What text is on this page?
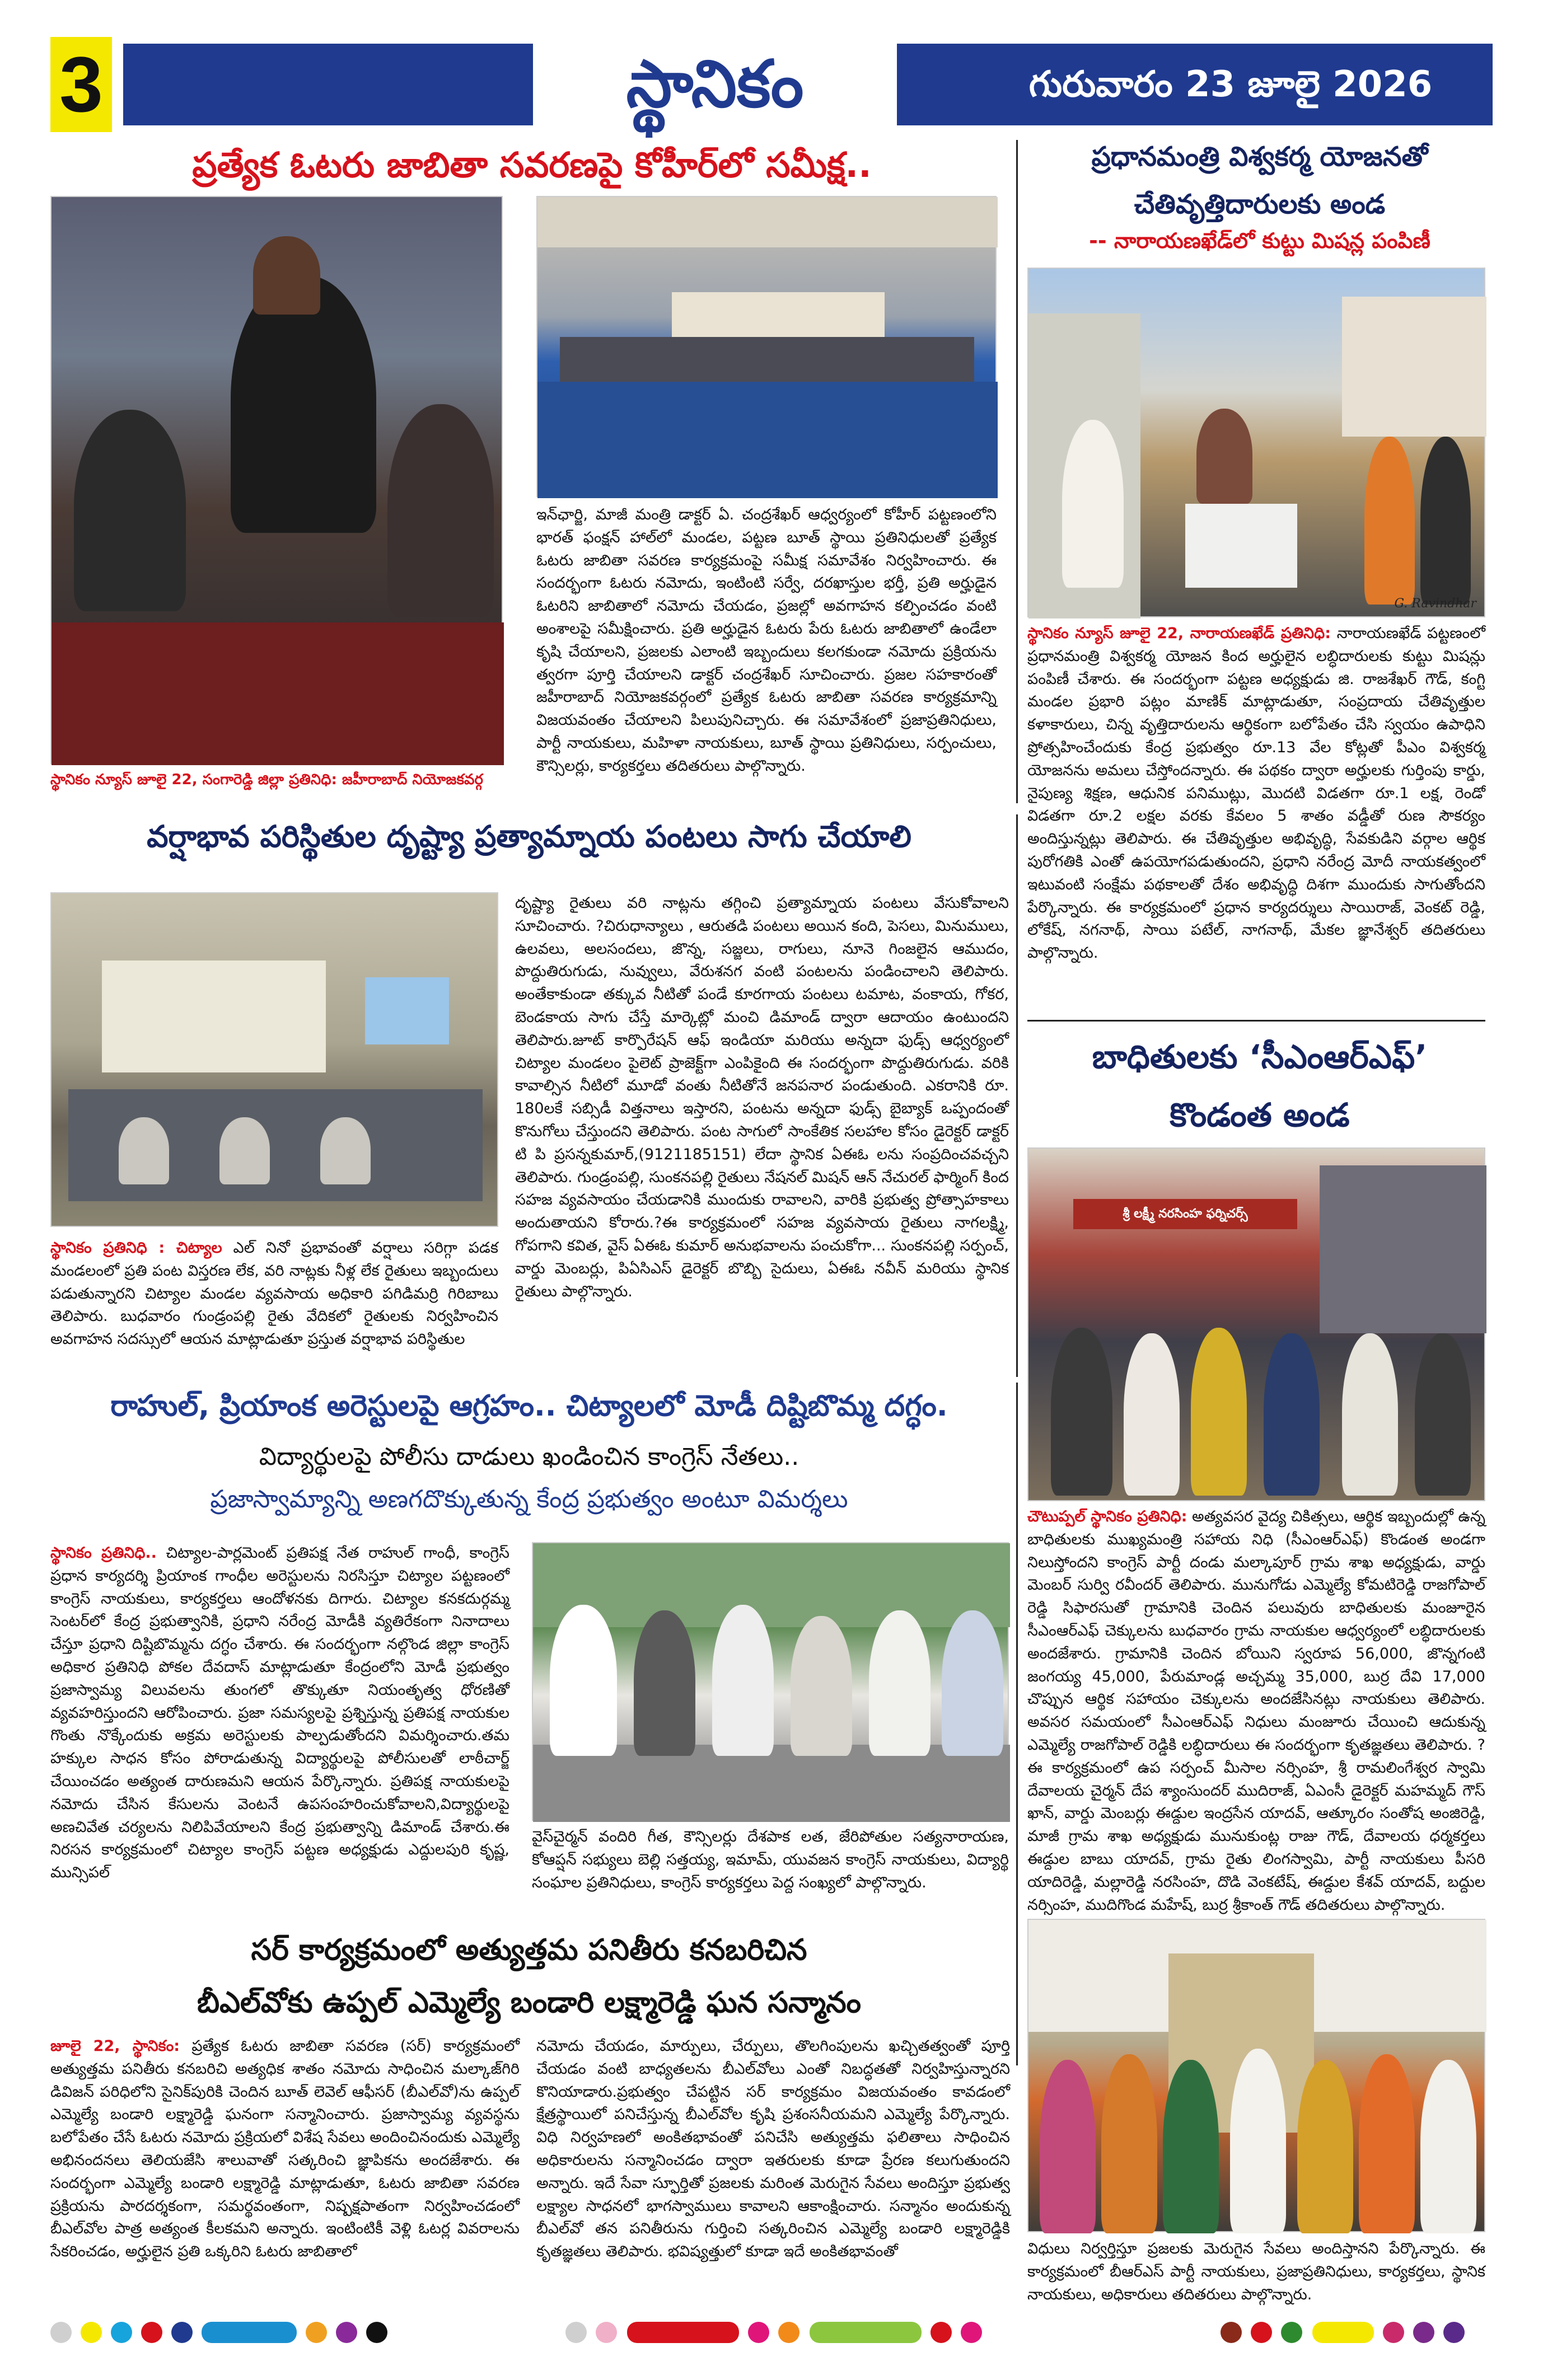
3	స్థానికం	గురువారం 23 జూలై 2026
ప్రత్యేక ఓటరు జాబితా సవరణపై కోహీర్‌లో సమీక్ష..
స్థానికం న్యూస్ జూలై 22, సంగారెడ్డి జిల్లా ప్రతినిధి: జహీరాబాద్ నియోజకవర్గ
ఇన్‌ఛార్జి, మాజీ మంత్రి డాక్టర్ ఏ. చంద్రశేఖర్ ఆధ్వర్యంలో కోహీర్ పట్టణంలోని భారత్ ఫంక్షన్ హాల్‌లో మండల, పట్టణ బూత్ స్థాయి ప్రతినిధులతో ప్రత్యేక ఓటరు జాబితా సవరణ కార్యక్రమంపై సమీక్ష సమావేశం నిర్వహించారు. ఈ సందర్భంగా ఓటరు నమోదు, ఇంటింటి సర్వే, దరఖాస్తుల భర్తీ, ప్రతి అర్హుడైన ఓటరిని జాబితాలో నమోదు చేయడం, ప్రజల్లో అవగాహన కల్పించడం వంటి అంశాలపై సమీక్షించారు. ప్రతి అర్హుడైన ఓటరు పేరు ఓటరు జాబితాలో ఉండేలా కృషి చేయాలని, ప్రజలకు ఎలాంటి ఇబ్బందులు కలగకుండా నమోదు ప్రక్రియను త్వరగా పూర్తి చేయాలని డాక్టర్ చంద్రశేఖర్ సూచించారు. ప్రజల సహకారంతో జహీరాబాద్ నియోజకవర్గంలో ప్రత్యేక ఓటరు జాబితా సవరణ కార్యక్రమాన్ని విజయవంతం చేయాలని పిలుపునిచ్చారు. ఈ సమావేశంలో ప్రజాప్రతినిధులు, పార్టీ నాయకులు, మహిళా నాయకులు, బూత్ స్థాయి ప్రతినిధులు, సర్పంచులు, కౌన్సిలర్లు, కార్యకర్తలు తదితరులు పాల్గొన్నారు.
ప్రధానమంత్రి విశ్వకర్మ యోజనతో
చేతివృత్తిదారులకు అండ
-- నారాయణఖేడ్‌లో కుట్టు మిషన్ల పంపిణీ
G. Ravindhar
స్థానికం న్యూస్ జూలై 22, నారాయణఖేడ్ ప్రతినిధి: నారాయణఖేడ్ పట్టణంలో ప్రధానమంత్రి విశ్వకర్మ యోజన కింద అర్హులైన లబ్ధిదారులకు కుట్టు మిషన్లు పంపిణీ చేశారు. ఈ సందర్భంగా పట్టణ అధ్యక్షుడు జి. రాజశేఖర్ గౌడ్, కంగ్టి మండల ప్రభారి పట్లం మాణిక్ మాట్లాడుతూ, సంప్రదాయ చేతివృత్తుల కళాకారులు, చిన్న వృత్తిదారులను ఆర్థికంగా బలోపేతం చేసి స్వయం ఉపాధిని ప్రోత్సహించేందుకు కేంద్ర ప్రభుత్వం రూ.13 వేల కోట్లతో పీఎం విశ్వకర్మ యోజనను అమలు చేస్తోందన్నారు. ఈ పథకం ద్వారా అర్హులకు గుర్తింపు కార్డు, నైపుణ్య శిక్షణ, ఆధునిక పనిముట్లు, మొదటి విడతగా రూ.1 లక్ష, రెండో విడతగా రూ.2 లక్షల వరకు కేవలం 5 శాతం వడ్డీతో రుణ సౌకర్యం అందిస్తున్నట్లు తెలిపారు. ఈ చేతివృత్తుల అభివృద్ధి, సేవకుడిని వర్గాల ఆర్థిక పురోగతికి ఎంతో ఉపయోగపడుతుందని, ప్రధాని నరేంద్ర మోదీ నాయకత్వంలో ఇటువంటి సంక్షేమ పథకాలతో దేశం అభివృద్ధి దిశగా ముందుకు సాగుతోందని పేర్కొన్నారు. ఈ కార్యక్రమంలో ప్రధాన కార్యదర్శులు సాయిరాజ్, వెంకట్ రెడ్డి, లోకేష్, నగనాథ్, సాయి పటేల్, నాగనాథ్, మేకల జ్ఞానేశ్వర్ తదితరులు పాల్గొన్నారు.
వర్షాభావ పరిస్థితుల దృష్ట్యా ప్రత్యామ్నాయ పంటలు సాగు చేయాలి
స్థానికం ప్రతినిధి : చిట్యాల ఎల్ నినో ప్రభావంతో వర్షాలు సరిగ్గా పడక మండలంలో ప్రతి పంట విస్తరణ లేక, వరి నాట్లకు నీళ్ల లేక రైతులు ఇబ్బందులు పడుతున్నారని చిట్యాల మండల వ్యవసాయ అధికారి పగిడిమర్రి గిరిబాబు తెలిపారు. బుధవారం గుండ్రంపల్లి రైతు వేదికలో రైతులకు నిర్వహించిన అవగాహన సదస్సులో ఆయన మాట్లాడుతూ ప్రస్తుత వర్షాభావ పరిస్థితుల
దృష్ట్యా రైతులు వరి నాట్లను తగ్గించి ప్రత్యామ్నాయ పంటలు వేసుకోవాలని సూచించారు. ?చిరుధాన్యాలు , ఆరుతడి పంటలు అయిన కంది, పెసలు, మినుములు, ఉలవలు, అలసందలు, జొన్న, సజ్జలు, రాగులు, నూనె గింజలైన ఆముదం, పొద్దుతిరుగుడు, నువ్వులు, వేరుశనగ వంటి పంటలను పండించాలని తెలిపారు. అంతేకాకుండా తక్కువ నీటితో పండే కూరగాయ పంటలు టమాట, వంకాయ, గోకర, బెండకాయ సాగు చేస్తే మార్కెట్లో మంచి డిమాండ్ ద్వారా ఆదాయం ఉంటుందని తెలిపారు.జూట్ కార్పొరేషన్ ఆఫ్ ఇండియా మరియు అన్నదా ఫుడ్స్ ఆధ్వర్యంలో చిట్యాల మండలం పైలెట్ ప్రాజెక్ట్‌గా ఎంపికైంది ఈ సందర్భంగా పొద్దుతిరుగుడు. వరికి కావాల్సిన నీటిలో మూడో వంతు నీటితోనే జనపనార పండుతుంది. ఎకరానికి రూ. 180లకే సబ్సిడీ విత్తనాలు ఇస్తారని, పంటను అన్నదా ఫుడ్స్ బైబ్యాక్ ఒప్పందంతో కొనుగోలు చేస్తుందని తెలిపారు. పంట సాగులో సాంకేతిక సలహాల కోసం డైరెక్టర్ డాక్టర్ టి పి ప్రసన్నకుమార్,(9121185151) లేదా స్థానిక ఏఈఓ లను సంప్రదించవచ్చని తెలిపారు. గుండ్రంపల్లి, సుంకనపల్లి రైతులు నేషనల్ మిషన్ ఆన్ నేచురల్ ఫార్మింగ్ కింద సహజ వ్యవసాయం చేయడానికి ముందుకు రావాలని, వారికి ప్రభుత్వ ప్రోత్సాహకాలు అందుతాయని కోరారు.?ఈ కార్యక్రమంలో సహజ వ్యవసాయ రైతులు నాగలక్ష్మి, గోపగాని కవిత, వైస్ ఏఈఓ కుమార్ అనుభవాలను పంచుకోగా... సుంకనపల్లి సర్పంచ్, వార్డు మెంబర్లు, పిఏసిఎస్ డైరెక్టర్ బొబ్బి సైదులు, ఏఈఓ నవీన్ మరియు స్థానిక రైతులు పాల్గొన్నారు.
బాధితులకు ‘సీఎంఆర్ఎఫ్’
కొండంత అండ
శ్రీ లక్ష్మీ నరసింహ ఫర్నిచర్స్
చౌటుప్పల్ స్థానికం ప్రతినిధి: అత్యవసర వైద్య చికిత్సలు, ఆర్థిక ఇబ్బందుల్లో ఉన్న బాధితులకు ముఖ్యమంత్రి సహాయ నిధి (సీఎంఆర్ఎఫ్) కొండంత అండగా నిలుస్తోందని కాంగ్రెస్ పార్టీ దండు మల్కాపూర్ గ్రామ శాఖ అధ్యక్షుడు, వార్డు మెంబర్ సుర్వి రవీందర్ తెలిపారు. మునుగోడు ఎమ్మెల్యే కోమటిరెడ్డి రాజగోపాల్ రెడ్డి సిఫారసుతో గ్రామానికి చెందిన పలువురు బాధితులకు మంజూరైన సీఎంఆర్ఎఫ్ చెక్కులను బుధవారం గ్రామ నాయకుల ఆధ్వర్యంలో లబ్ధిదారులకు అందజేశారు. గ్రామానికి చెందిన బోయిని స్వరూప 56,000, జొన్నగంటి జంగయ్య 45,000, పేరుమాండ్ల అచ్చమ్మ 35,000, బుర్ర దేవి 17,000 చొప్పున ఆర్థిక సహాయం చెక్కులను అందజేసినట్లు నాయకులు తెలిపారు. అవసర సమయంలో సీఎంఆర్ఎఫ్ నిధులు మంజూరు చేయించి ఆదుకున్న ఎమ్మెల్యే రాజగోపాల్ రెడ్డికి లబ్ధిదారులు ఈ సందర్భంగా కృతజ్ఞతలు తెలిపారు. ?ఈ కార్యక్రమంలో ఉప సర్పంచ్ మీసాల నర్సింహ, శ్రీ రామలింగేశ్వర స్వామి దేవాలయ చైర్మన్ దేప శ్యాంసుందర్ ముదిరాజ్, ఏఎంసీ డైరెక్టర్ మహమ్మద్ గౌస్ ఖాన్, వార్డు మెంబర్లు ఈడ్దుల ఇంద్రసేన యాదవ్, ఆత్కూరం సంతోష అంజిరెడ్డి, మాజీ గ్రామ శాఖ అధ్యక్షుడు మునుకుంట్ల రాజు గౌడ్, దేవాలయ ధర్మకర్తలు ఈడ్దుల బాబు యాదవ్, గ్రామ రైతు లింగస్వామి, పార్టీ నాయకులు పీసరి యాదిరెడ్డి, మల్లారెడ్డి నరసింహ, దొడి వెంకటేష్, ఈడ్దుల కేశవ్ యాదవ్, బద్దుల నర్సింహ, ముదిగొండ మహేష్, బుర్ర శ్రీకాంత్ గౌడ్ తదితరులు పాల్గొన్నారు.
రాహుల్, ప్రియాంక అరెస్టులపై ఆగ్రహం.. చిట్యాలలో మోడీ దిష్టిబొమ్మ దగ్ధం.
విద్యార్థులపై పోలీసు దాడులు ఖండించిన కాంగ్రెస్ నేతలు..
ప్రజాస్వామ్యాన్ని అణగదొక్కుతున్న కేంద్ర ప్రభుత్వం అంటూ విమర్శలు
స్థానికం ప్రతినిధి.. చిట్యాల-పార్లమెంట్ ప్రతిపక్ష నేత రాహుల్ గాంధీ, కాంగ్రెస్ ప్రధాన కార్యదర్శి ప్రియాంక గాంధీల అరెస్టులను నిరసిస్తూ చిట్యాల పట్టణంలో కాంగ్రెస్ నాయకులు, కార్యకర్తలు ఆందోళనకు దిగారు. చిట్యాల కనకదుర్గమ్మ సెంటర్‌లో కేంద్ర ప్రభుత్వానికి, ప్రధాని నరేంద్ర మోడీకి వ్యతిరేకంగా నినాదాలు చేస్తూ ప్రధాని దిష్టిబొమ్మను దగ్ధం చేశారు. ఈ సందర్భంగా నల్గొండ జిల్లా కాంగ్రెస్ అధికార ప్రతినిధి పోకల దేవదాస్ మాట్లాడుతూ కేంద్రంలోని మోడీ ప్రభుత్వం ప్రజాస్వామ్య విలువలను తుంగలో తొక్కుతూ నియంతృత్వ ధోరణితో వ్యవహరిస్తుందని ఆరోపించారు. ప్రజా సమస్యలపై ప్రశ్నిస్తున్న ప్రతిపక్ష నాయకుల గొంతు నొక్కేందుకు అక్రమ అరెస్టులకు పాల్పడుతోందని విమర్శించారు.తమ హక్కుల సాధన కోసం పోరాడుతున్న విద్యార్థులపై పోలీసులతో లాఠీచార్జ్ చేయించడం అత్యంత దారుణమని ఆయన పేర్కొన్నారు. ప్రతిపక్ష నాయకులపై నమోదు చేసిన కేసులను వెంటనే ఉపసంహరించుకోవాలని,విద్యార్థులపై అణచివేత చర్యలను నిలిపివేయాలని కేంద్ర ప్రభుత్వాన్ని డిమాండ్ చేశారు.ఈ నిరసన కార్యక్రమంలో చిట్యాల కాంగ్రెస్ పట్టణ అధ్యక్షుడు ఎద్దులపురి కృష్ణ, మున్సిపల్
వైస్‌చైర్మన్ వందిరి గీత, కౌన్సిలర్లు దేశపాక లత, జేరిపోతుల సత్యనారాయణ, కోఆప్షన్ సభ్యులు బెల్లి సత్తయ్య, ఇమామ్, యువజన కాంగ్రెస్ నాయకులు, విద్యార్థి సంఘాల ప్రతినిధులు, కాంగ్రెస్ కార్యకర్తలు పెద్ద సంఖ్యలో పాల్గొన్నారు.
సర్ కార్యక్రమంలో అత్యుత్తమ పనితీరు కనబరిచిన
బీఎల్‌వోకు ఉప్పల్ ఎమ్మెల్యే బండారి లక్ష్మారెడ్డి ఘన సన్మానం
జూలై 22, స్థానికం: ప్రత్యేక ఓటరు జాబితా సవరణ (సర్) కార్యక్రమంలో అత్యుత్తమ పనితీరు కనబరిచి అత్యధిక శాతం నమోదు సాధించిన మల్కాజ్‌గిరి డివిజన్ పరిధిలోని సైనిక్‌పురికి చెందిన బూత్ లెవెల్ ఆఫీసర్ (బీఎల్‌వో)ను ఉప్పల్ ఎమ్మెల్యే బండారి లక్ష్మారెడ్డి ఘనంగా సన్మానించారు. ప్రజాస్వామ్య వ్యవస్థను బలోపేతం చేసే ఓటరు నమోదు ప్రక్రియలో విశేష సేవలు అందించినందుకు ఎమ్మెల్యే అభినందనలు తెలియజేసి శాలువాతో సత్కరించి జ్ఞాపికను అందజేశారు. ఈ సందర్భంగా ఎమ్మెల్యే బండారి లక్ష్మారెడ్డి మాట్లాడుతూ, ఓటరు జాబితా సవరణ ప్రక్రియను పారదర్శకంగా, సమర్థవంతంగా, నిష్పక్షపాతంగా నిర్వహించడంలో బీఎల్‌వోల పాత్ర అత్యంత కీలకమని అన్నారు. ఇంటింటికీ వెళ్లి ఓటర్ల వివరాలను సేకరించడం, అర్హులైన ప్రతి ఒక్కరిని ఓటరు జాబితాలో
నమోదు చేయడం, మార్పులు, చేర్పులు, తొలగింపులను ఖచ్చితత్వంతో పూర్తి చేయడం వంటి బాధ్యతలను బీఎల్‌వోలు ఎంతో నిబద్ధతతో నిర్వహిస్తున్నారని కొనియాడారు.ప్రభుత్వం చేపట్టిన సర్ కార్యక్రమం విజయవంతం కావడంలో క్షేత్రస్థాయిలో పనిచేస్తున్న బీఎల్‌వోల కృషి ప్రశంసనీయమని ఎమ్మెల్యే పేర్కొన్నారు. విధి నిర్వహణలో అంకితభావంతో పనిచేసి అత్యుత్తమ ఫలితాలు సాధించిన అధికారులను సన్మానించడం ద్వారా ఇతరులకు కూడా ప్రేరణ కలుగుతుందని అన్నారు. ఇదే సేవా స్ఫూర్తితో ప్రజలకు మరింత మెరుగైన సేవలు అందిస్తూ ప్రభుత్వ లక్ష్యాల సాధనలో భాగస్వాములు కావాలని ఆకాంక్షించారు. సన్మానం అందుకున్న బీఎల్‌వో తన పనితీరును గుర్తించి సత్కరించిన ఎమ్మెల్యే బండారి లక్ష్మారెడ్డికి కృతజ్ఞతలు తెలిపారు. భవిష్యత్తులో కూడా ఇదే అంకితభావంతో	విధులు నిర్వర్తిస్తూ ప్రజలకు మెరుగైన సేవలు అందిస్తానని పేర్కొన్నారు. ఈ కార్యక్రమంలో బీఆర్ఎస్ పార్టీ నాయకులు, ప్రజాప్రతినిధులు, కార్యకర్తలు, స్థానిక నాయకులు, అధికారులు తదితరులు పాల్గొన్నారు.
